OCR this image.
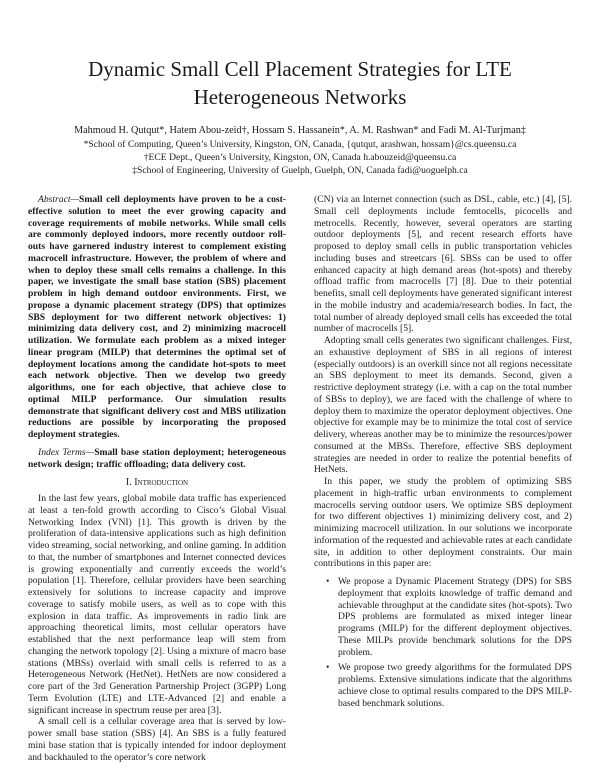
Dynamic Small Cell Placement Strategies for LTE
Heterogeneous Networks
Mahmoud H. Qutqut*, Hatem Abou-zeid†, Hossam S. Hassanein*, A. M. Rashwan* and Fadi M. Al-Turjman‡
*School of Computing, Queen’s University, Kingston, ON, Canada, {qutqut, arashwan, hossam}@cs.queensu.ca
†ECE Dept., Queen’s University, Kingston, ON, Canada h.abouzeid@queensu.ca
‡School of Engineering, University of Guelph, Guelph, ON, Canada fadi@uoguelph.ca

Abstract—Small cell deployments have proven to be a cost-effective solution to meet the ever growing capacity and coverage requirements of mobile networks. While small cells are commonly deployed indoors, more recently outdoor roll-outs have garnered industry interest to complement existing macrocell infrastructure. However, the problem of where and when to deploy these small cells remains a challenge. In this paper, we investigate the small base station (SBS) placement problem in high demand outdoor environments. First, we propose a dynamic placement strategy (DPS) that optimizes SBS deployment for two different network objectives: 1) minimizing data delivery cost, and 2) minimizing macrocell utilization. We formulate each problem as a mixed integer linear program (MILP) that determines the optimal set of deployment locations among the candidate hot-spots to meet each network objective. Then we develop two greedy algorithms, one for each objective, that achieve close to optimal MILP performance. Our simulation results demonstrate that significant delivery cost and MBS utilization reductions are possible by incorporating the proposed deployment strategies.

Index Terms—Small base station deployment; heterogeneous network design; traffic offloading; data delivery cost.

I. Introduction

In the last few years, global mobile data traffic has experienced at least a ten-fold growth according to Cisco’s Global Visual Networking Index (VNI) [1]. This growth is driven by the proliferation of data-intensive applications such as high definition video streaming, social networking, and online gaming. In addition to that, the number of smartphones and Internet connected devices is growing exponentially and currently exceeds the world’s population [1]. Therefore, cellular providers have been searching extensively for solutions to increase capacity and improve coverage to satisfy mobile users, as well as to cope with this explosion in data traffic. As improvements in radio link are approaching theoretical limits, most cellular operators have established that the next performance leap will stem from changing the network topology [2]. Using a mixture of macro base stations (MBSs) overlaid with small cells is referred to as a Heterogeneous Network (HetNet). HetNets are now considered a core part of the 3rd Generation Partnership Project (3GPP) Long Term Evolution (LTE) and LTE-Advanced [2] and enable a significant increase in spectrum reuse per area [3].

A small cell is a cellular coverage area that is served by low-power small base station (SBS) [4]. An SBS is a fully featured mini base station that is typically intended for indoor deployment and backhauled to the operator’s core network

(CN) via an Internet connection (such as DSL, cable, etc.) [4], [5]. Small cell deployments include femtocells, picocells and metrocells. Recently, however, several operators are starting outdoor deployments [5], and recent research efforts have proposed to deploy small cells in public transportation vehicles including buses and streetcars [6]. SBSs can be used to offer enhanced capacity at high demand areas (hot-spots) and thereby offload traffic from macrocells [7] [8]. Due to their potential benefits, small cell deployments have generated significant interest in the mobile industry and academia/research bodies. In fact, the total number of already deployed small cells has exceeded the total number of macrocells [5].

Adopting small cells generates two significant challenges. First, an exhaustive deployment of SBS in all regions of interest (especially outdoors) is an overkill since not all regions necessitate an SBS deployment to meet its demands. Second, given a restrictive deployment strategy (i.e. with a cap on the total number of SBSs to deploy), we are faced with the challenge of where to deploy them to maximize the operator deployment objectives. One objective for example may be to minimize the total cost of service delivery, whereas another may be to minimize the resources/power consumed at the MBSs. Therefore, effective SBS deployment strategies are needed in order to realize the potential benefits of HetNets.

In this paper, we study the problem of optimizing SBS placement in high-traffic urban environments to complement macrocells serving outdoor users. We optimize SBS deployment for two different objectives 1) minimizing delivery cost, and 2) minimizing macrocell utilization. In our solutions we incorporate information of the requested and achievable rates at each candidate site, in addition to other deployment constraints. Our main contributions in this paper are:

• We propose a Dynamic Placement Strategy (DPS) for SBS deployment that exploits knowledge of traffic demand and achievable throughput at the candidate sites (hot-spots). Two DPS problems are formulated as mixed integer linear programs (MILP) for the different deployment objectives. These MILPs provide benchmark solutions for the DPS problem.
• We propose two greedy algorithms for the formulated DPS problems. Extensive simulations indicate that the algorithms achieve close to optimal results compared to the DPS MILP-based benchmark solutions.
